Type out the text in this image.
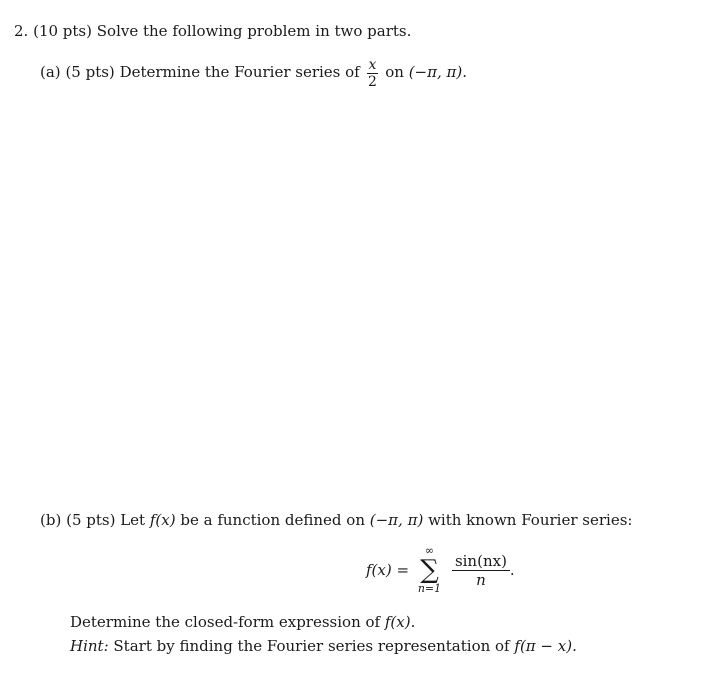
2. (10 pts) Solve the following problem in two parts.
(a) (5 pts) Determine the Fourier series of $\frac{x}{2}$ on (−π, π).
(b) (5 pts) Let f(x) be a function defined on (−π, π) with known Fourier series:
f(x) =
∞
∑
n=1
$\frac{\sin(nx)}{n}$ .
Determine the closed-form expression of f(x).
Hint: Start by finding the Fourier series representation of f(π − x).
